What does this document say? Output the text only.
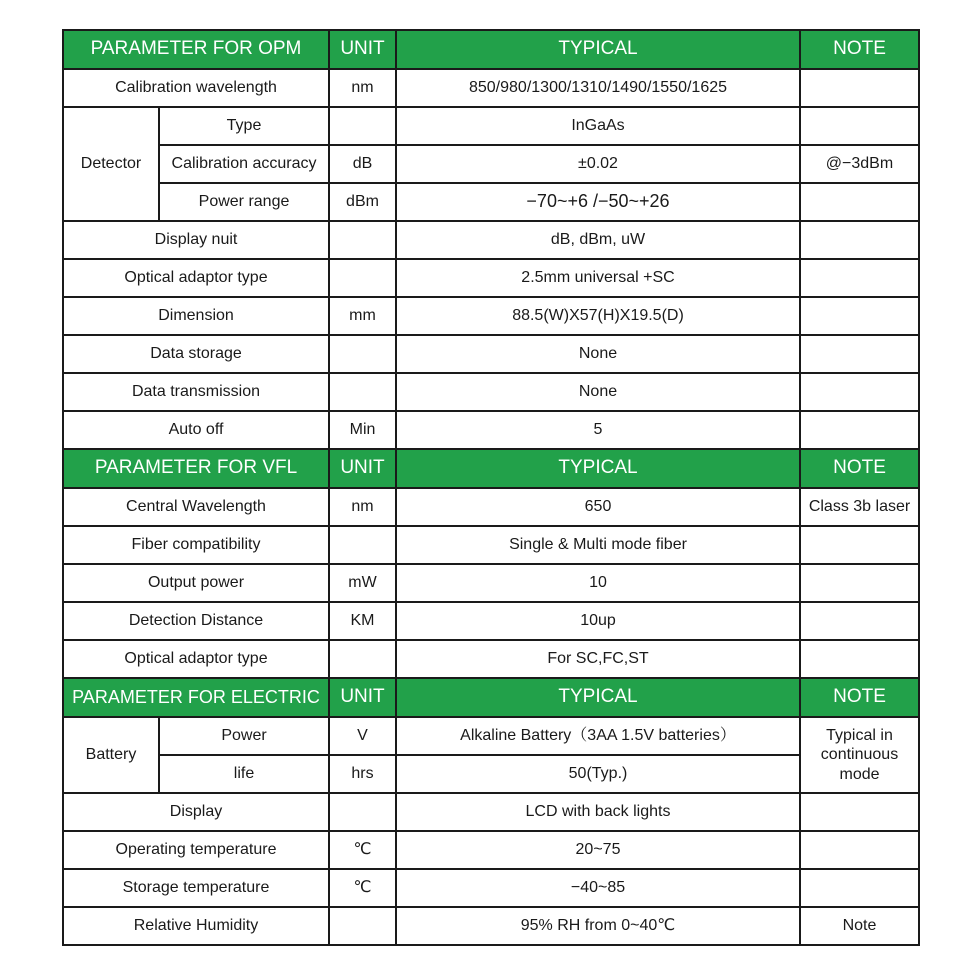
PARAMETER FOR OPM		UNIT	TYPICAL	NOTE
Calibration wavelength		nm	850/980/1300/1310/1490/1550/1625	
Detector	Type		InGaAs	
	Calibration accuracy	dB	±0.02	@−3dBm
	Power range	dBm	−70~+6 /−50~+26	
Display nuit			dB, dBm, uW	
Optical adaptor type			2.5mm universal +SC	
Dimension		mm	88.5(W)X57(H)X19.5(D)	
Data storage			None	
Data transmission			None	
Auto off		Min	5	
PARAMETER FOR VFL		UNIT	TYPICAL	NOTE
Central Wavelength		nm	650	Class 3b laser
Fiber compatibility			Single & Multi mode fiber	
Output power		mW	10	
Detection Distance		KM	10up	
Optical adaptor type			For SC,FC,ST	
PARAMETER FOR ELECTRIC		UNIT	TYPICAL	NOTE
Battery	Power	V	Alkaline Battery（3AA 1.5V batteries）	Typical in continuous mode
	life	hrs	50(Typ.)	
Display			LCD with back lights	
Operating temperature		℃	20~75	
Storage temperature		℃	−40~85	
Relative Humidity			95% RH from 0~40℃	Note
